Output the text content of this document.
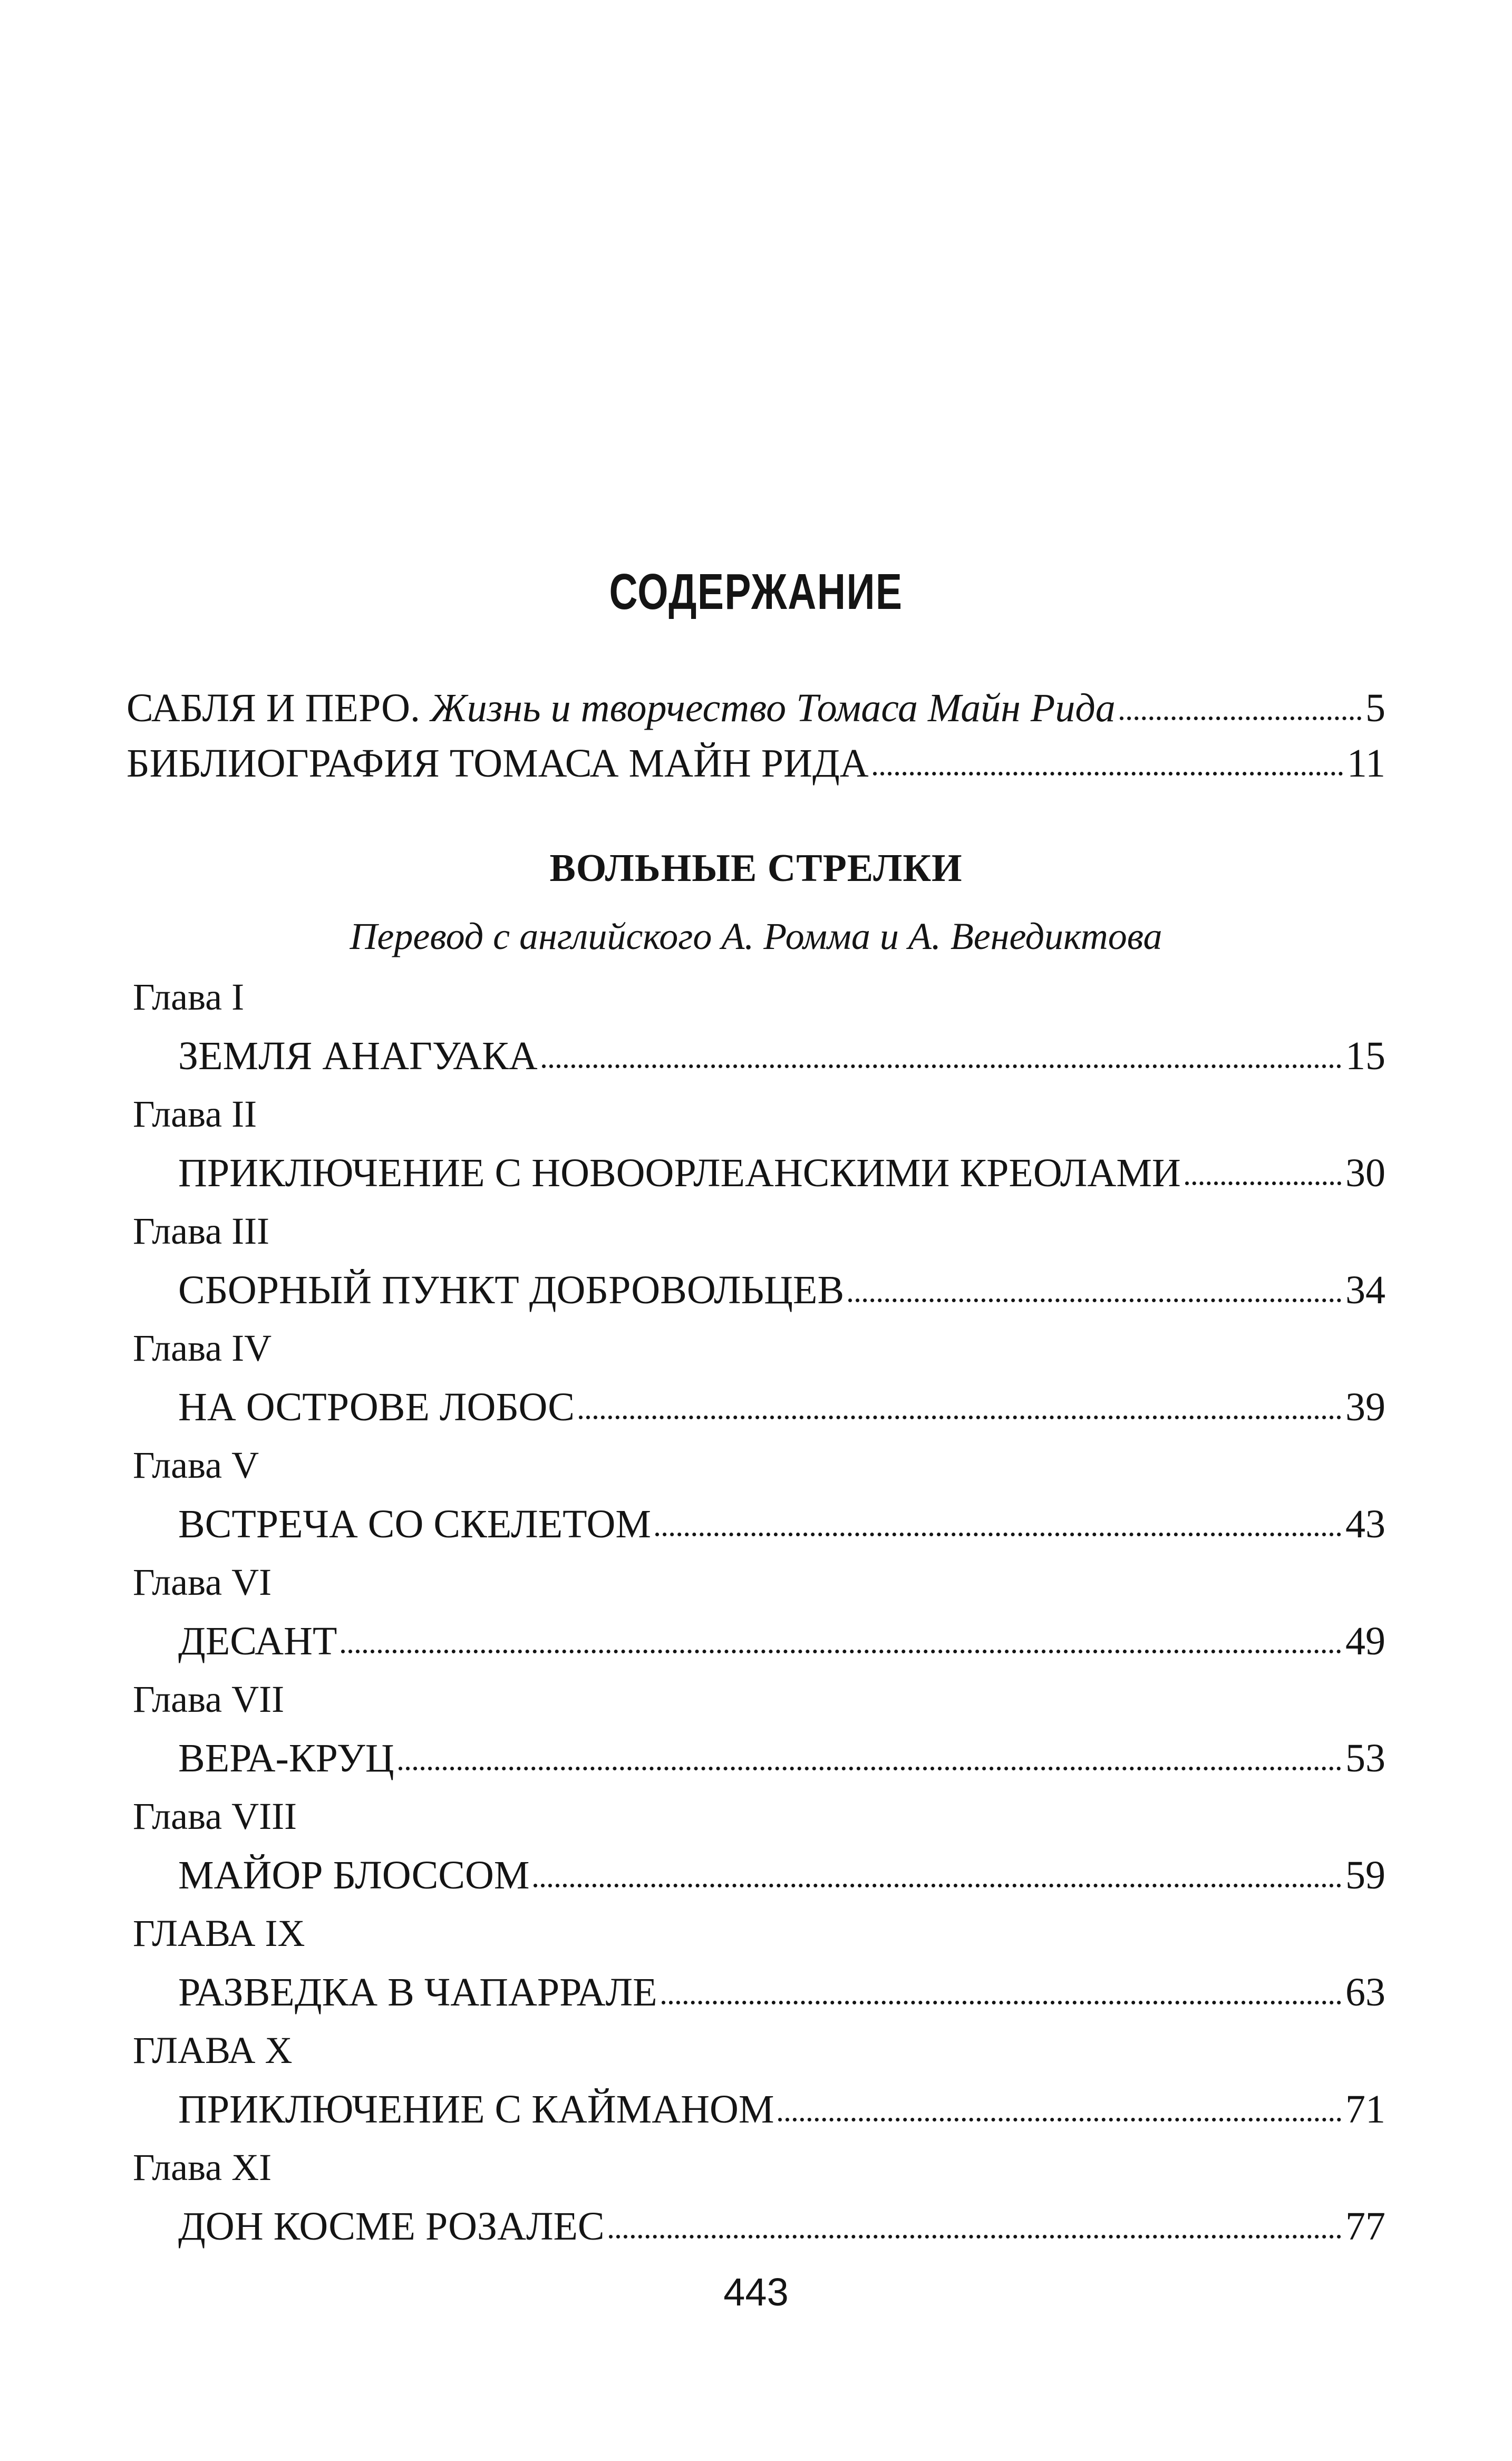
СОДЕРЖАНИЕ
САБЛЯ И ПЕРО. Жизнь и творчество Томаса Майн Рида	5
БИБЛИОГРАФИЯ ТОМАСА МАЙН РИДА	11
ВОЛЬНЫЕ СТРЕЛКИ
Перевод с английского А. Ромма и А. Венедиктова
Глава I
ЗЕМЛЯ АНАГУАКА	15
Глава II
ПРИКЛЮЧЕНИЕ С НОВООРЛЕАНСКИМИ КРЕОЛАМИ	30
Глава III
СБОРНЫЙ ПУНКТ ДОБРОВОЛЬЦЕВ	34
Глава IV
НА ОСТРОВЕ ЛОБОС	39
Глава V
ВСТРЕЧА СО СКЕЛЕТОМ	43
Глава VI
ДЕСАНТ	49
Глава VII
ВЕРА-КРУЦ	53
Глава VIII
МАЙОР БЛОССОМ	59
ГЛАВА IX
РАЗВЕДКА В ЧАПАРРАЛЕ	63
ГЛАВА X
ПРИКЛЮЧЕНИЕ С КАЙМАНОМ	71
Глава XI
ДОН КОСМЕ РОЗАЛЕС	77
443
